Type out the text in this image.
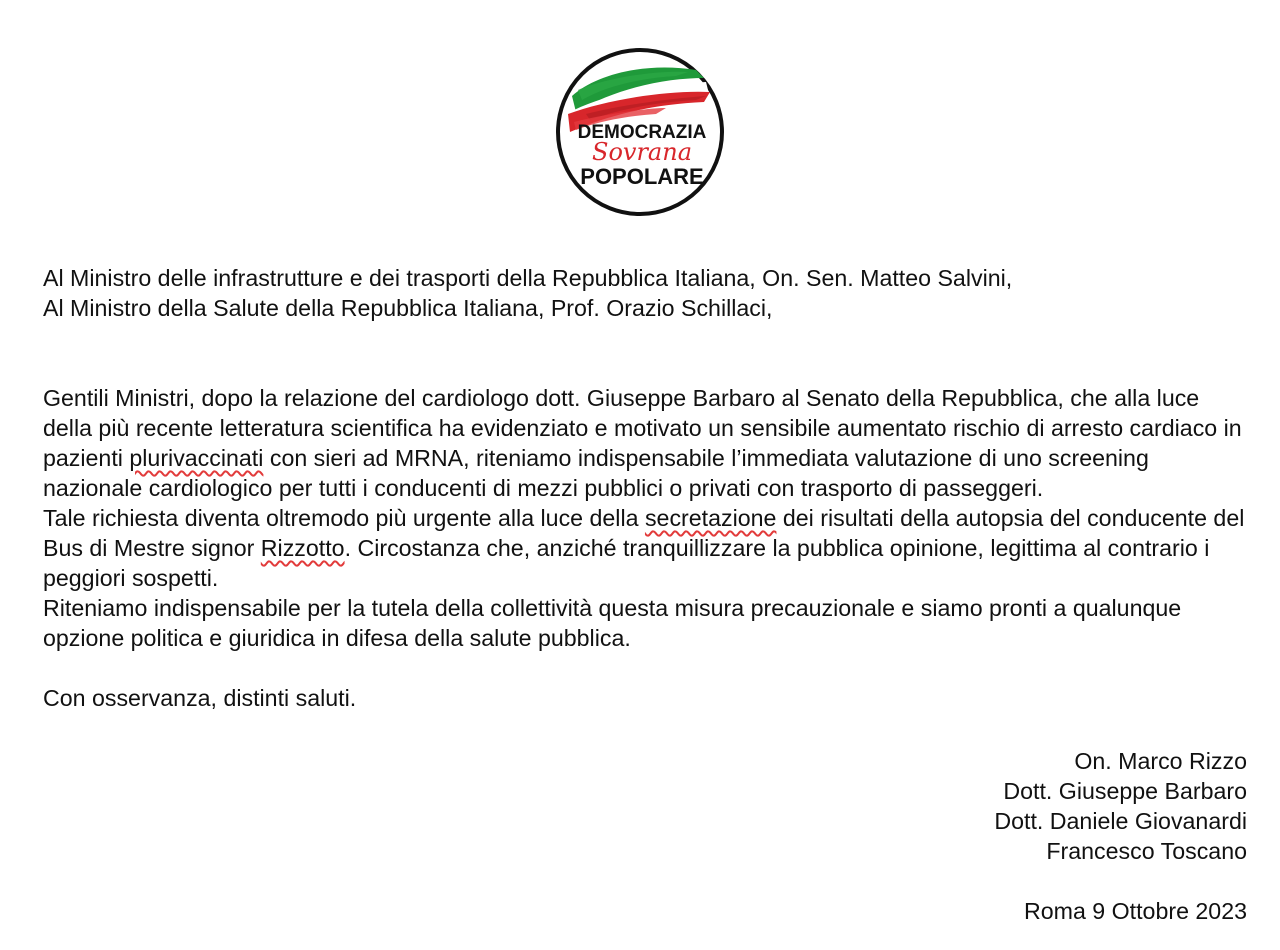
DEMOCRAZIA
Sovrana
POPOLARE

Al Ministro delle infrastrutture e dei trasporti della Repubblica Italiana, On. Sen. Matteo Salvini,

Al Ministro della Salute della Repubblica Italiana, Prof. Orazio Schillaci,

Gentili Ministri, dopo la relazione del cardiologo dott. Giuseppe Barbaro al Senato della Repubblica, che alla luce della più recente letteratura scientifica ha evidenziato e motivato un sensibile aumentato rischio di arresto cardiaco in pazienti plurivaccinati con sieri ad MRNA, riteniamo indispensabile l’immediata valutazione di uno screening nazionale cardiologico per tutti i conducenti di mezzi pubblici o privati con trasporto di passeggeri.

Tale richiesta diventa oltremodo più urgente alla luce della secretazione dei risultati della autopsia del conducente del Bus di Mestre signor Rizzotto. Circostanza che, anziché tranquillizzare la pubblica opinione, legittima al contrario i peggiori sospetti.

Riteniamo indispensabile per la tutela della collettività questa misura precauzionale e siamo pronti a qualunque opzione politica e giuridica in difesa della salute pubblica.

Con osservanza, distinti saluti.

On. Marco Rizzo
Dott. Giuseppe Barbaro
Dott. Daniele Giovanardi
Francesco Toscano
Roma 9 Ottobre 2023
